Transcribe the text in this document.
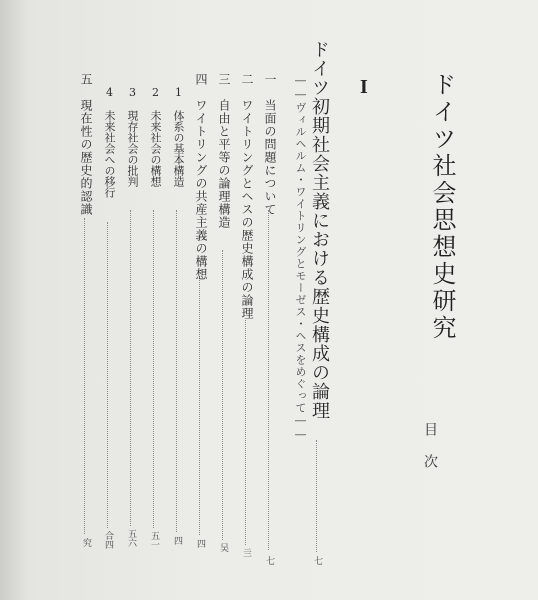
ドイツ社会思想史研究

目次

I

ドイツ初期社会主義における歴史構成の論理

七

――ヴィルヘルム・ワイトリングとモーゼス・ヘスをめぐって――

一　当面の問題について

七

二　ワイトリングとヘスの歴史構成の論理

亖

三　自由と平等の論理構造

吴

四　ワイトリングの共産主義の構想

四

1　体系の基本構造

四

2　未来社会の構想

五一

3　現存社会の批判

五六

4　未来社会への移行

合四

五　現在性の歴史的認識

究
